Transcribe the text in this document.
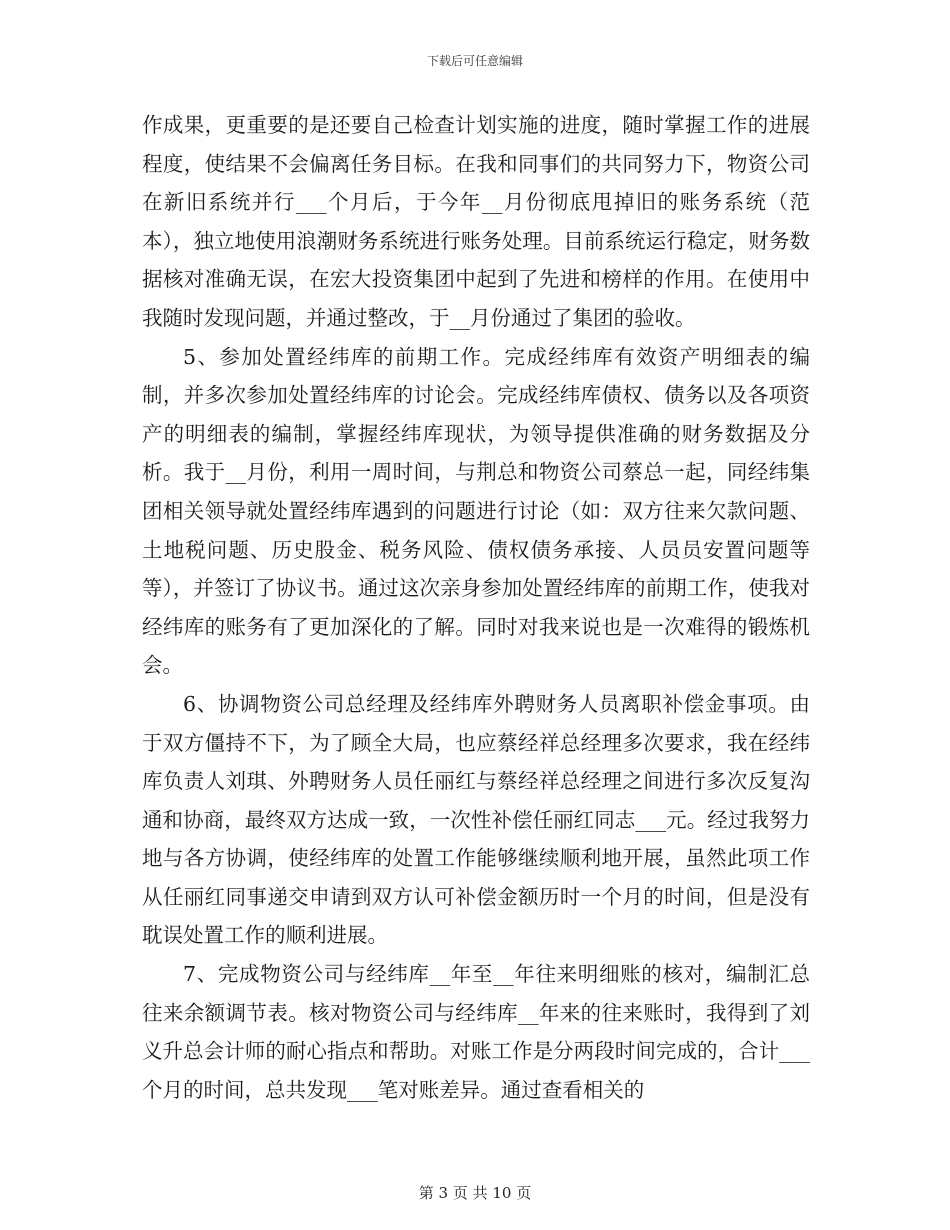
下载后可任意编辑

作成果，更重要的是还要自己检查计划实施的进度，随时掌握工作的进展程度，使结果不会偏离任务目标。在我和同事们的共同努力下，物资公司在新旧系统并行___个月后，于今年__月份彻底甩掉旧的账务系统（范本），独立地使用浪潮财务系统进行账务处理。目前系统运行稳定，财务数据核对准确无误，在宏大投资集团中起到了先进和榜样的作用。在使用中我随时发现问题，并通过整改，于__月份通过了集团的验收。

5、参加处置经纬库的前期工作。完成经纬库有效资产明细表的编制，并多次参加处置经纬库的讨论会。完成经纬库债权、债务以及各项资产的明细表的编制，掌握经纬库现状，为领导提供准确的财务数据及分析。我于__月份，利用一周时间，与荆总和物资公司蔡总一起，同经纬集团相关领导就处置经纬库遇到的问题进行讨论（如：双方往来欠款问题、土地税问题、历史股金、税务风险、债权债务承接、人员员安置问题等等），并签订了协议书。通过这次亲身参加处置经纬库的前期工作，使我对经纬库的账务有了更加深化的了解。同时对我来说也是一次难得的锻炼机会。

6、协调物资公司总经理及经纬库外聘财务人员离职补偿金事项。由于双方僵持不下，为了顾全大局，也应蔡经祥总经理多次要求，我在经纬库负责人刘琪、外聘财务人员任丽红与蔡经祥总经理之间进行多次反复沟通和协商，最终双方达成一致，一次性补偿任丽红同志___元。经过我努力地与各方协调，使经纬库的处置工作能够继续顺利地开展，虽然此项工作从任丽红同事递交申请到双方认可补偿金额历时一个月的时间，但是没有耽误处置工作的顺利进展。

7、完成物资公司与经纬库__年至__年往来明细账的核对，编制汇总往来余额调节表。核对物资公司与经纬库__年来的往来账时，我得到了刘义升总会计师的耐心指点和帮助。对账工作是分两段时间完成的，合计___个月的时间，总共发现___笔对账差异。通过查看相关的

第 3 页 共 10 页
